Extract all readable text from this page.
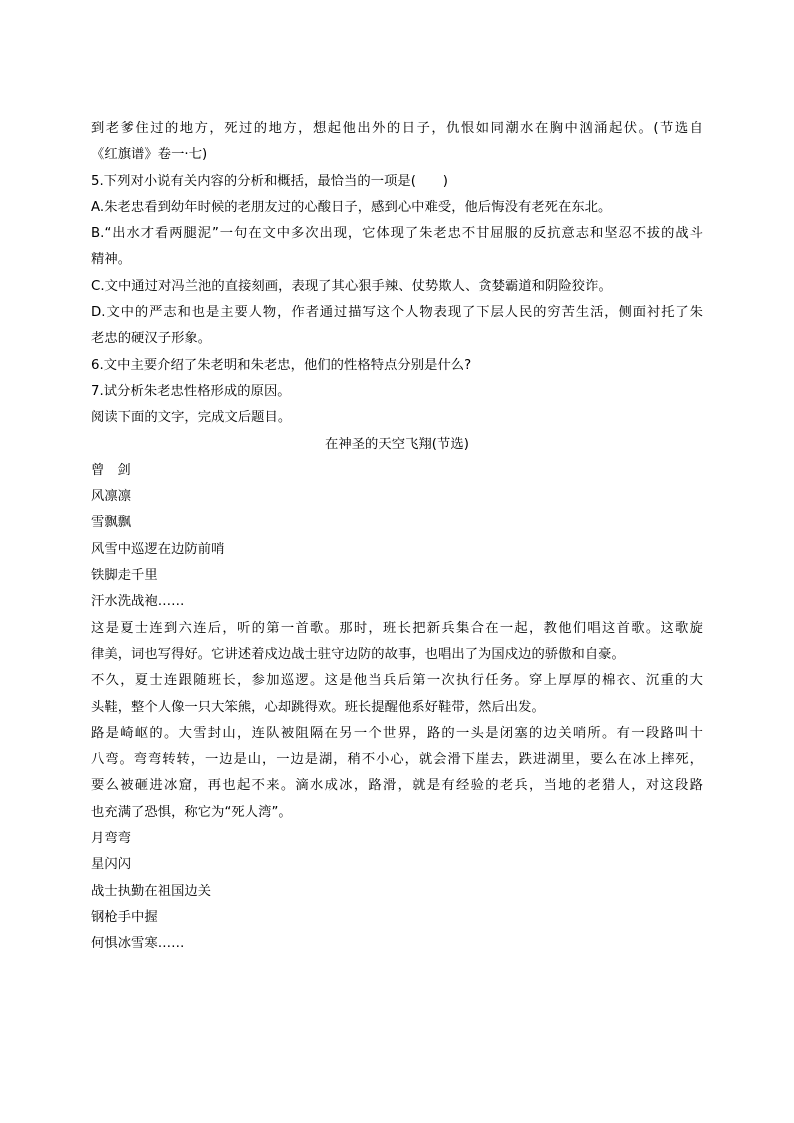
到老爹住过的地方，死过的地方，想起他出外的日子，仇恨如同潮水在胸中汹涌起伏。(节选自
《红旗谱》卷一·七)
5.下列对小说有关内容的分析和概括，最恰当的一项是(　　)
A.朱老忠看到幼年时候的老朋友过的心酸日子，感到心中难受，他后悔没有老死在东北。
B.“出水才看两腿泥”一句在文中多次出现，它体现了朱老忠不甘屈服的反抗意志和坚忍不拔的战斗
精神。
C.文中通过对冯兰池的直接刻画，表现了其心狠手辣、仗势欺人、贪婪霸道和阴险狡诈。
D.文中的严志和也是主要人物，作者通过描写这个人物表现了下层人民的穷苦生活，侧面衬托了朱
老忠的硬汉子形象。
6.文中主要介绍了朱老明和朱老忠，他们的性格特点分别是什么?
7.试分析朱老忠性格形成的原因。
阅读下面的文字，完成文后题目。
在神圣的天空飞翔(节选)
曾 剑
风凛凛
雪飘飘
风雪中巡逻在边防前哨
铁脚走千里
汗水洗战袍……
这是夏士连到六连后，听的第一首歌。那时，班长把新兵集合在一起，教他们唱这首歌。这歌旋
律美，词也写得好。它讲述着戍边战士驻守边防的故事，也唱出了为国戍边的骄傲和自豪。
不久，夏士连跟随班长，参加巡逻。这是他当兵后第一次执行任务。穿上厚厚的棉衣、沉重的大
头鞋，整个人像一只大笨熊，心却跳得欢。班长提醒他系好鞋带，然后出发。
路是崎岖的。大雪封山，连队被阻隔在另一个世界，路的一头是闭塞的边关哨所。有一段路叫十
八弯。弯弯转转，一边是山，一边是湖，稍不小心，就会滑下崖去，跌进湖里，要么在冰上摔死，
要么被砸进冰窟，再也起不来。滴水成冰，路滑，就是有经验的老兵，当地的老猎人，对这段路
也充满了恐惧，称它为“死人湾”。
月弯弯
星闪闪
战士执勤在祖国边关
钢枪手中握
何惧冰雪寒……
